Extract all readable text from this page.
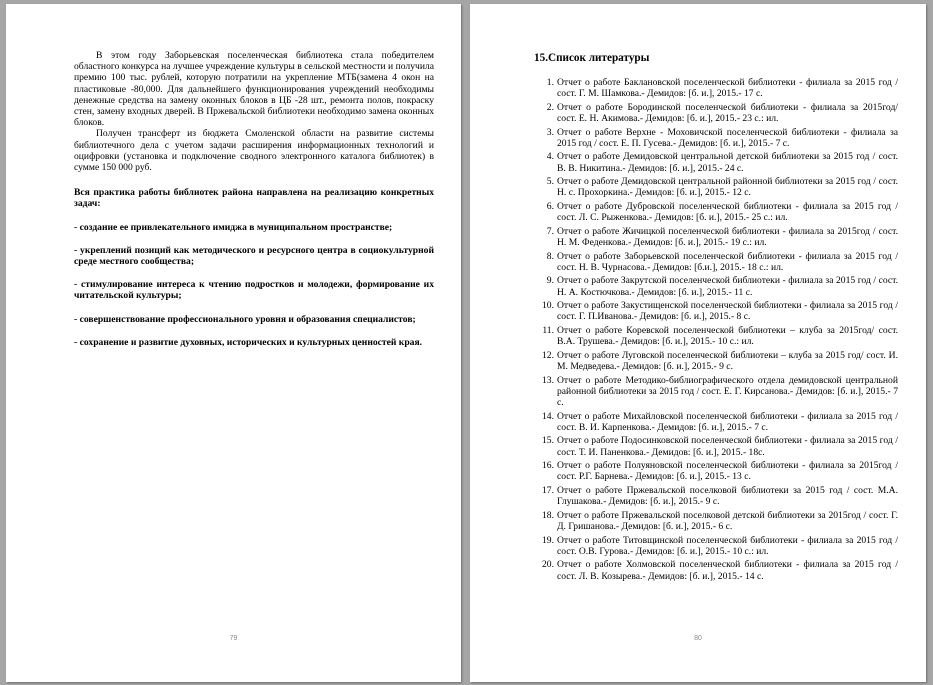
В этом году Заборьевская поселенческая библиотека стала победителем областного конкурса на лучшее учреждение культуры в сельской местности и получила премию 100 тыс. рублей, которую потратили на укрепление МТБ(замена 4 окон на пластиковые -80,000. Для дальнейшего функционирования учреждений необходимы денежные средства на замену оконных блоков в ЦБ -28 шт., ремонта полов, покраску стен, замену входных дверей. В Пржевальской библиотеки необходимо замена оконных блоков.

Получен трансферт из бюджета Смоленской области на развитие системы библиотечного дела с учетом задачи расширения информационных технологий и оцифровки (установка и подключение сводного электронного каталога библиотек) в сумме 150 000 руб.

Вся практика работы библиотек района направлена на реализацию конкретных задач:

- создание ее привлекательного имиджа в муниципальном пространстве;

- укреплений позиций как методического и ресурсного центра в социокультурной среде местного сообщества;

- стимулирование интереса к чтению подростков и молодежи, формирование их читательской культуры;

- совершенствование профессионального уровня и образования специалистов;

- сохранение и развитие духовных, исторических и культурных ценностей края.

79
15.Список литературы
1. Отчет о работе Баклановской поселенческой библиотеки - филиала за 2015 год / сост. Г. М. Шамкова.- Демидов: [б. и.], 2015.- 17 с.
2. Отчет о работе Бородинской поселенческой библиотеки - филиала за 2015год/ сост. Е. Н. Акимова.- Демидов: [б. и.], 2015.- 23 с.: ил.
3. Отчет о работе Верхне - Моховичской поселенческой библиотеки - филиала за 2015 год / сост. Е. П. Гусева.- Демидов: [б. и.], 2015.- 7 с.
4. Отчет о работе Демидовской центральной детской библиотеки за 2015 год / сост. В. В. Никитина.- Демидов: [б. и.], 2015.- 24 с.
5. Отчет о работе Демидовской центральной районной библиотеки за 2015 год / сост. Н. с. Прохоркина.- Демидов: [б. и.], 2015.- 12 с.
6. Отчет о работе Дубровской поселенческой библиотеки - филиала за 2015 год / сост. Л. С. Рыженкова.- Демидов: [б. и.], 2015.- 25 с.: ил.
7. Отчет о работе Жичицкой поселенческой библиотеки - филиала за 2015год / сост. Н. М. Феденкова.- Демидов: [б. и.], 2015.- 19 с.: ил.
8. Отчет о работе Заборьевской поселенческой библиотеки - филиала за 2015 год / сост. Н. В. Чурнасова.- Демидов: [б.и.], 2015.- 18 с.: ил.
9. Отчет о работе Закрутской поселенческой библиотеки - филиала за 2015 год / сост. Н. А. Костючкова.- Демидов: [б. и.], 2015.- 11 с.
10. Отчет о работе Закустищенской поселенческой библиотеки - филиала за 2015 год / сост. Г. П.Иванова.- Демидов: [б. и.], 2015.- 8 с.
11. Отчет о работе Коревской поселенческой библиотеки – клуба за 2015год/ сост. В.А. Трушева.- Демидов: [б. и.], 2015.- 10 с.: ил.
12. Отчет о работе Луговской поселенческой библиотеки – клуба за 2015 год/ сост. И. М. Медведева.- Демидов: [б. и.], 2015.- 9 с.
13. Отчет о работе Методико-библиографического отдела демидовской центральной районной библиотеки за 2015 год / сост. Е. Г. Кирсанова.- Демидов: [б. и.], 2015.- 7 с.
14. Отчет о работе Михайловской поселенческой библиотеки - филиала за 2015 год / сост. В. И. Карпенкова.- Демидов: [б. и.], 2015.- 7 с.
15. Отчет о работе Подосинковской поселенческой библиотеки - филиала за 2015 год / сост. Т. И. Паненкова.- Демидов: [б. и.], 2015.- 18с.
16. Отчет о работе Полуяновской поселенческой библиотеки - филиала за 2015год / сост. Р.Г. Барнева.- Демидов: [б. и.], 2015.- 13 с.
17. Отчет о работе Пржевальской поселковой библиотеки за 2015 год / сост. М.А. Глушакова.- Демидов: [б. и.], 2015.- 9 с.
18. Отчет о работе Пржевальской поселковой детской библиотеки за 2015год / сост. Г. Д. Гришанова.- Демидов: [б. и.], 2015.- 6 с.
19. Отчет о работе Титовщинской поселенческой библиотеки - филиала за 2015 год / сост. О.В. Гурова.- Демидов: [б. и.], 2015.- 10 с.: ил.
20. Отчет о работе Холмовской поселенческой библиотеки - филиала за 2015 год / сост. Л. В. Козырева.- Демидов: [б. и.], 2015.- 14 с.
80
